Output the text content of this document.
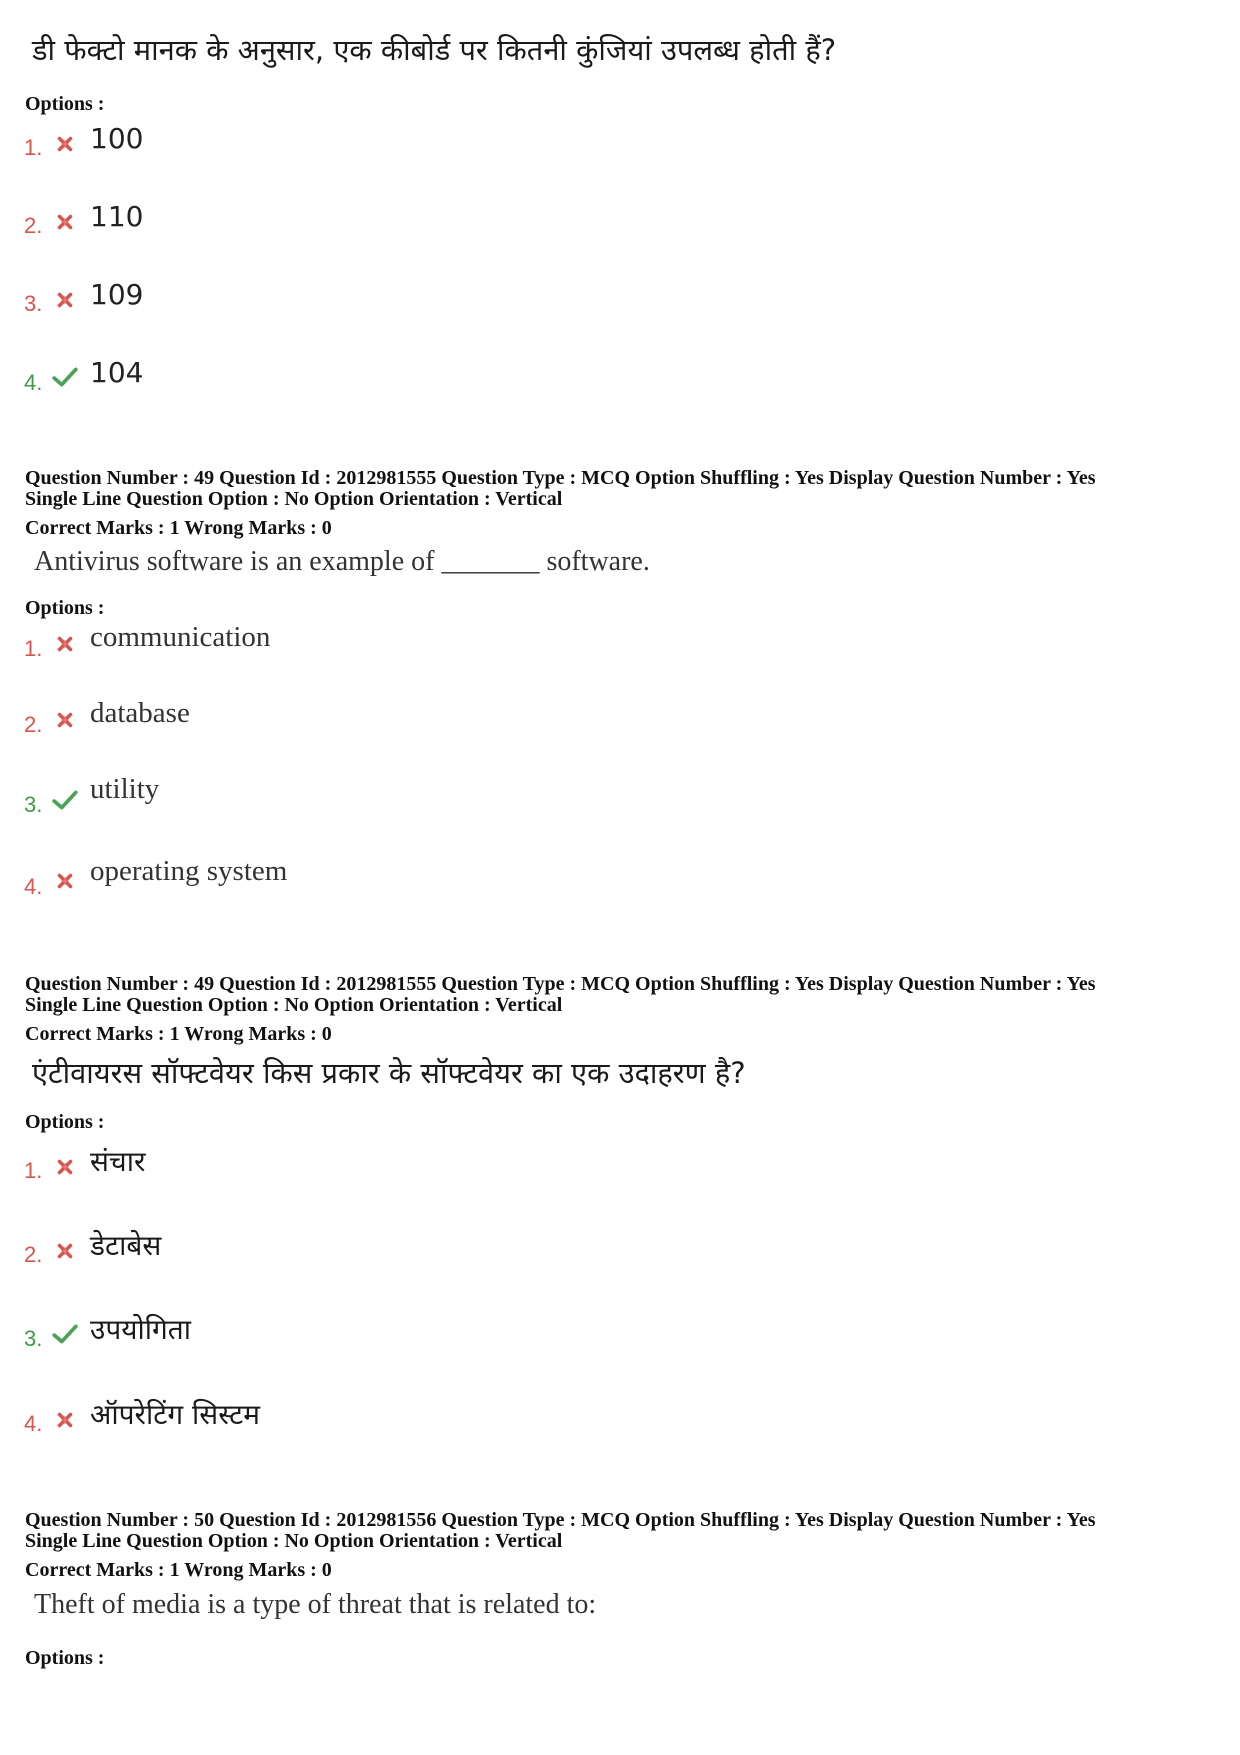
डी फेक्टो मानक के अनुसार, एक कीबोर्ड पर कितनी कुंजियां उपलब्ध होती हैं?
Options :
1. 100
2. 110
3. 109
4. 104
Question Number : 49 Question Id : 2012981555 Question Type : MCQ Option Shuffling : Yes Display Question Number : Yes
Single Line Question Option : No Option Orientation : Vertical
Correct Marks : 1 Wrong Marks : 0
Antivirus software is an example of _______ software.
Options :
1. communication
2. database
3. utility
4. operating system
Question Number : 49 Question Id : 2012981555 Question Type : MCQ Option Shuffling : Yes Display Question Number : Yes
Single Line Question Option : No Option Orientation : Vertical
Correct Marks : 1 Wrong Marks : 0
एंटीवायरस सॉफ्टवेयर किस प्रकार के सॉफ्टवेयर का एक उदाहरण है?
Options :
1. संचार
2. डेटाबेस
3. उपयोगिता
4. ऑपरेटिंग सिस्टम
Question Number : 50 Question Id : 2012981556 Question Type : MCQ Option Shuffling : Yes Display Question Number : Yes
Single Line Question Option : No Option Orientation : Vertical
Correct Marks : 1 Wrong Marks : 0
Theft of media is a type of threat that is related to:
Options :
